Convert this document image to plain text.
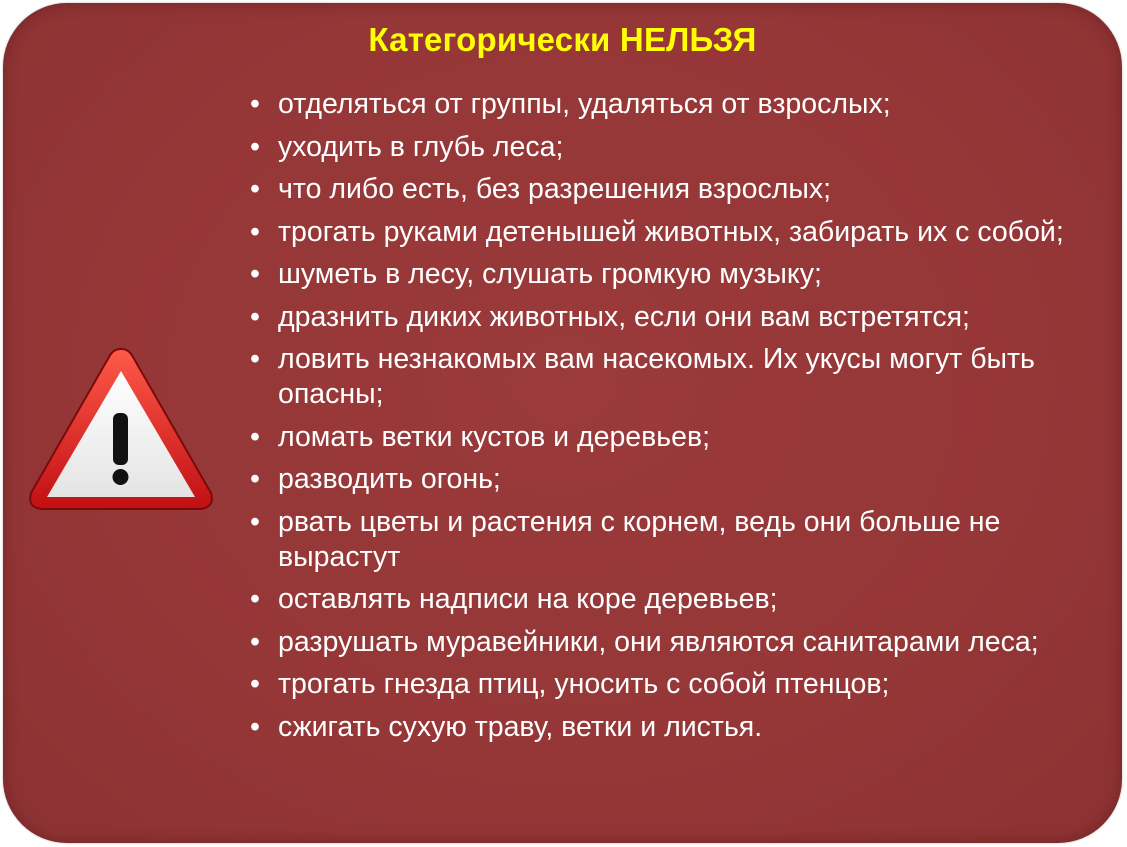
Категорически НЕЛЬЗЯ
• отделяться от группы, удаляться от взрослых;
• уходить в глубь леса;
• что либо есть, без разрешения взрослых;
• трогать руками детенышей животных, забирать их с собой;
• шуметь в лесу, слушать громкую музыку;
• дразнить диких животных, если они вам встретятся;
• ловить незнакомых вам насекомых. Их укусы могут быть опасны;
• ломать ветки кустов и деревьев;
• разводить огонь;
• рвать цветы и растения с корнем, ведь они больше не вырастут
• оставлять надписи на коре деревьев;
• разрушать муравейники, они являются санитарами леса;
• трогать гнезда птиц, уносить с собой птенцов;
• сжигать сухую траву, ветки и листья.
